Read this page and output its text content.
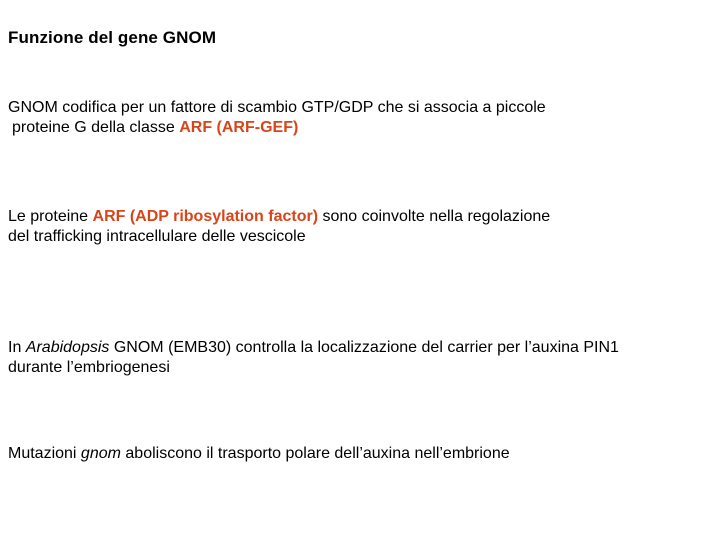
Funzione del gene GNOM
GNOM codifica per un fattore di scambio GTP/GDP che si associa a piccole
proteine G della classe ARF (ARF-GEF)
Le proteine ARF (ADP ribosylation factor) sono coinvolte nella regolazione
del trafficking intracellulare delle vescicole
In Arabidopsis GNOM (EMB30) controlla la localizzazione del carrier per l’auxina PIN1
durante l’embriogenesi
Mutazioni gnom aboliscono il trasporto polare dell’auxina nell’embrione
